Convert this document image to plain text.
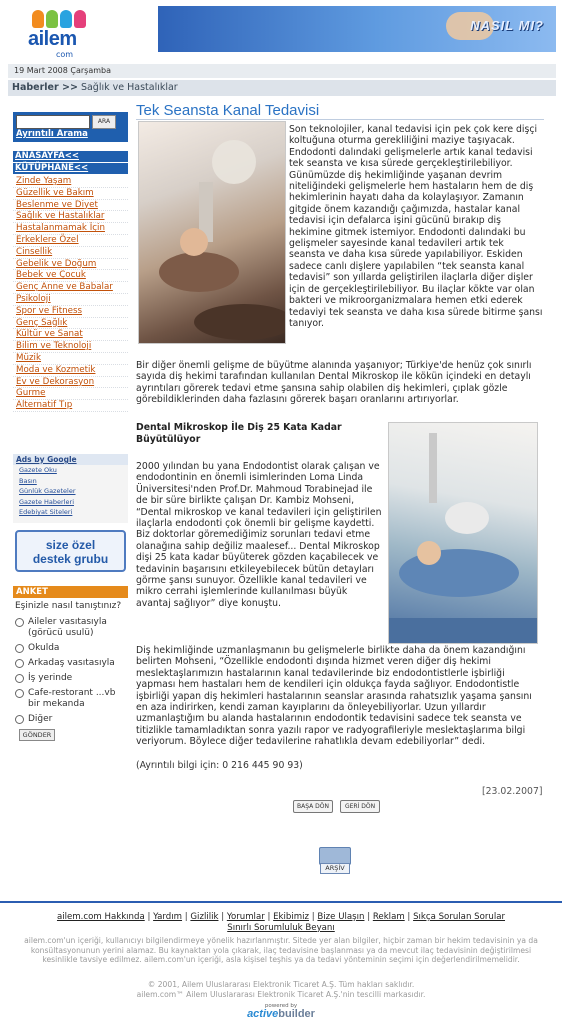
ailem
com
NASIL MI?
19 Mart 2008 Çarşamba
Haberler >> Sağlık ve Hastalıklar
ARA
Ayrıntılı Arama
ANASAYFA<<
KÜTÜPHANE<<
Zinde Yaşam
Güzellik ve Bakım
Beslenme ve Diyet
Sağlık ve Hastalıklar
Hastalanmamak İçin
Erkeklere Özel
Cinsellik
Gebelik ve Doğum
Bebek ve Çocuk
Genç Anne ve Babalar
Psikoloji
Spor ve Fitness
Genç Sağlık
Kültür ve Sanat
Bilim ve Teknoloji
Müzik
Moda ve Kozmetik
Ev ve Dekorasyon
Gurme
Alternatif Tıp
Ads by Google
Gazete Oku
Basın
Günlük Gazeteler
Gazete Haberleri
Edebiyat Siteleri
size özel
destek grubu
ANKET
Eşinizle nasıl tanıştınız?
Aileler vasıtasıyla (görücü usulü)
Okulda
Arkadaş vasıtasıyla
İş yerinde
Cafe-restorant ...vb bir mekanda
Diğer
GÖNDER
Tek Seansta Kanal Tedavisi
Son teknolojiler, kanal tedavisi için pek çok kere dişçi koltuğuna oturma gerekliliğini maziye taşıyacak. Endodonti dalındaki gelişmelerle artık kanal tedavisi tek seansta ve kısa sürede gerçekleştirilebiliyor. Günümüzde diş hekimliğinde yaşanan devrim niteliğindeki gelişmelerle hem hastaların hem de diş hekimlerinin hayatı daha da kolaylaşıyor. Zamanın gitgide önem kazandığı çağımızda, hastalar kanal tedavisi için defalarca işini gücünü bırakıp diş hekimine gitmek istemiyor. Endodonti dalındaki bu gelişmeler sayesinde kanal tedavileri artık tek seansta ve daha kısa sürede yapılabiliyor. Eskiden sadece canlı dişlere yapılabilen “tek seansta kanal tedavisi” son yıllarda geliştirilen ilaçlarla diğer dişler için de gerçekleştirilebiliyor. Bu ilaçlar kökte var olan bakteri ve mikroorganizmalara hemen etki ederek tedaviyi tek seansta ve daha kısa sürede bitirme şansı tanıyor.
Bir diğer önemli gelişme de büyütme alanında yaşanıyor; Türkiye'de henüz çok sınırlı sayıda diş hekimi tarafından kullanılan Dental Mikroskop ile kökün içindeki en detaylı ayrıntıları görerek tedavi etme şansına sahip olabilen diş hekimleri, çıplak gözle görebildiklerinden daha fazlasını görerek başarı oranlarını artırıyorlar.
Dental Mikroskop İle Diş 25 Kata Kadar Büyütülüyor
2000 yılından bu yana Endodontist olarak çalışan ve endodontinin en önemli isimlerinden Loma Linda Üniversitesi'nden Prof.Dr. Mahmoud Torabinejad ile de bir süre birlikte çalışan Dr. Kambiz Mohseni, “Dental mikroskop ve kanal tedavileri için geliştirilen ilaçlarla endodonti çok önemli bir gelişme kaydetti. Biz doktorlar göremediğimiz sorunları tedavi etme olanağına sahip değiliz maalesef... Dental Mikroskop dişi 25 kata kadar büyüterek gözden kaçabilecek ve tedavinin başarısını etkileyebilecek bütün detayları görme şansı sunuyor. Özellikle kanal tedavileri ve mikro cerrahi işlemlerinde kullanılması büyük avantaj sağlıyor” diye konuştu.
Diş hekimliğinde uzmanlaşmanın bu gelişmelerle birlikte daha da önem kazandığını belirten Mohseni, “Özellikle endodonti dışında hizmet veren diğer diş hekimi meslektaşlarımızın hastalarının kanal tedavilerinde biz endodontistlerle işbirliği yapması hem hastaları hem de kendileri için oldukça fayda sağlıyor. Endodontistle işbirliği yapan diş hekimleri hastalarının seanslar arasında rahatsızlık yaşama şansını en aza indirirken, kendi zaman kayıplarını da önleyebiliyorlar. Uzun yıllardır uzmanlaştığım bu alanda hastalarının endodontik tedavisini sadece tek seansta ve titizlikle tamamladıktan sonra yazılı rapor ve radyografileriyle meslektaşlarıma bilgi veriyorum. Böylece diğer tedavilerine rahatlıkla devam edebiliyorlar” dedi.
(Ayrıntılı bilgi için: 0 216 445 90 93)
[23.02.2007]
BAŞA DÖN	GERİ DÖN
ARŞİV
ailem.com Hakkında | Yardım | Gizlilik | Yorumlar | Ekibimiz | Bize Ulaşın | Reklam | Sıkça Sorulan Sorular
Sınırlı Sorumluluk Beyanı
ailem.com'un içeriği, kullanıcıyı bilgilendirmeye yönelik hazırlanmıştır. Sitede yer alan bilgiler, hiçbir zaman bir hekim tedavisinin ya da konsültasyonunun yerini alamaz. Bu kaynaktan yola çıkarak, ilaç tedavisine başlanması ya da mevcut ilaç tedavisinin değiştirilmesi kesinlikle tavsiye edilmez. ailem.com'un içeriği, asla kişisel teşhis ya da tedavi yönteminin seçimi için değerlendirilmemelidir.
© 2001, Ailem Uluslararası Elektronik Ticaret A.Ş. Tüm hakları saklıdır.
ailem.com™ Ailem Uluslararası Elektronik Ticaret A.Ş.'nin tescilli markasıdır.
powered by
activebuilder
